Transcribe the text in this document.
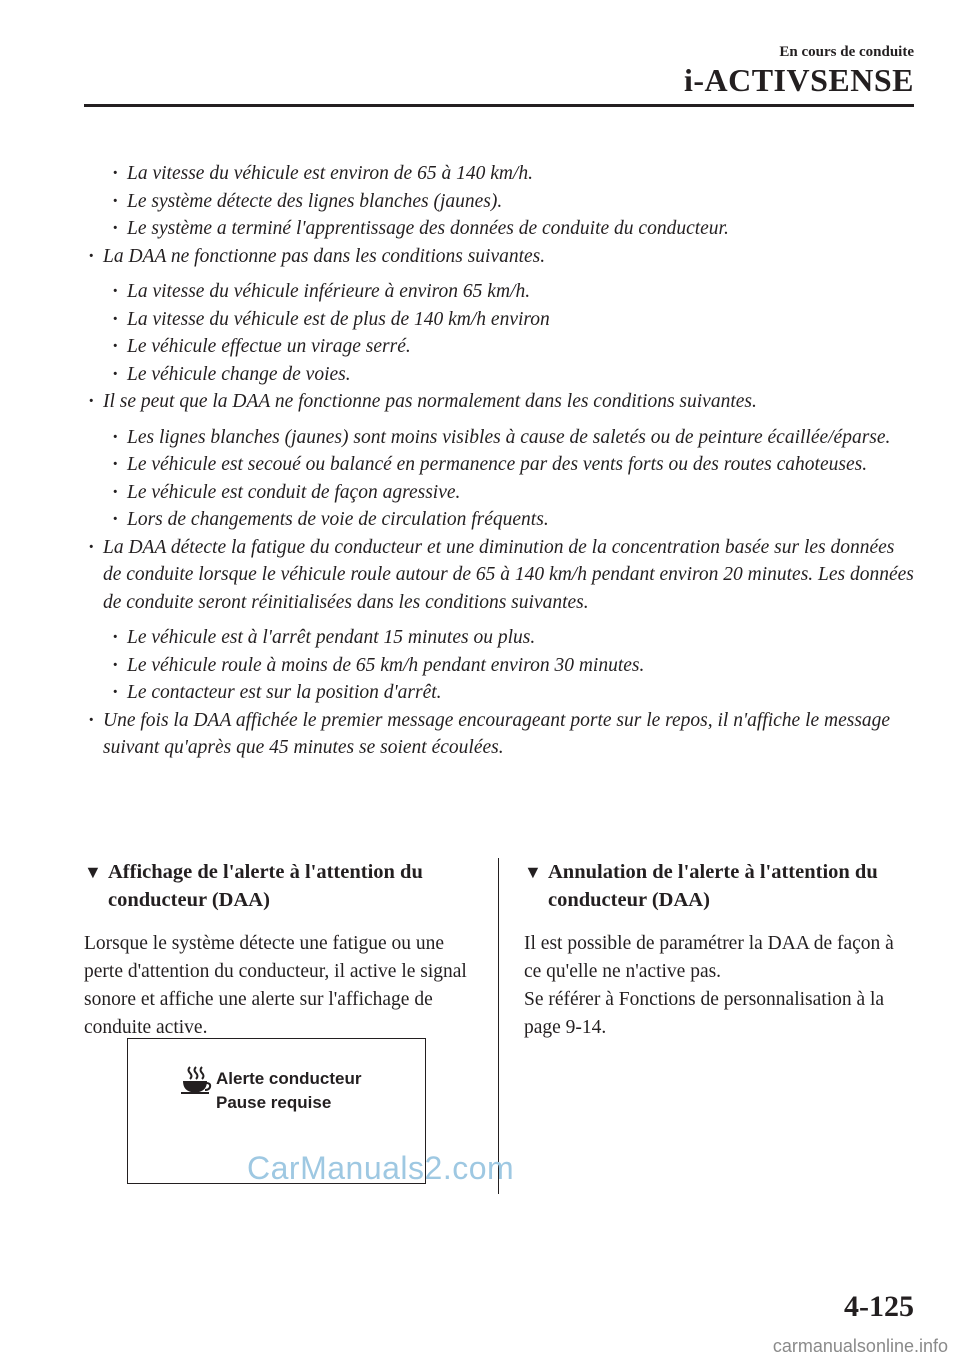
En cours de conduite
i-ACTIVSENSE
· La vitesse du véhicule est environ de 65 à 140 km/h.
· Le système détecte des lignes blanches (jaunes).
· Le système a terminé l'apprentissage des données de conduite du conducteur.
· La DAA ne fonctionne pas dans les conditions suivantes.
· La vitesse du véhicule inférieure à environ 65 km/h.
· La vitesse du véhicule est de plus de 140 km/h environ
· Le véhicule effectue un virage serré.
· Le véhicule change de voies.
· Il se peut que la DAA ne fonctionne pas normalement dans les conditions suivantes.
· Les lignes blanches (jaunes) sont moins visibles à cause de saletés ou de peinture écaillée/éparse.
· Le véhicule est secoué ou balancé en permanence par des vents forts ou des routes cahoteuses.
· Le véhicule est conduit de façon agressive.
· Lors de changements de voie de circulation fréquents.
· La DAA détecte la fatigue du conducteur et une diminution de la concentration basée sur les données de conduite lorsque le véhicule roule autour de 65 à 140 km/h pendant environ 20 minutes. Les données de conduite seront réinitialisées dans les conditions suivantes.
· Le véhicule est à l'arrêt pendant 15 minutes ou plus.
· Le véhicule roule à moins de 65 km/h pendant environ 30 minutes.
· Le contacteur est sur la position d'arrêt.
· Une fois la DAA affichée le premier message encourageant porte sur le repos, il n'affiche le message suivant qu'après que 45 minutes se soient écoulées.
▼ Affichage de l'alerte à l'attention du conducteur (DAA)

Lorsque le système détecte une fatigue ou une perte d'attention du conducteur, il active le signal sonore et affiche une alerte sur l'affichage de conduite active.

▼ Annulation de l'alerte à l'attention du conducteur (DAA)

Il est possible de paramétrer la DAA de façon à ce qu'elle ne n'active pas.

Se référer à Fonctions de personnalisation à la page 9-14.

Alerte conducteur
Pause requise
CarManuals2.com
4-125
carmanualsonline.info
